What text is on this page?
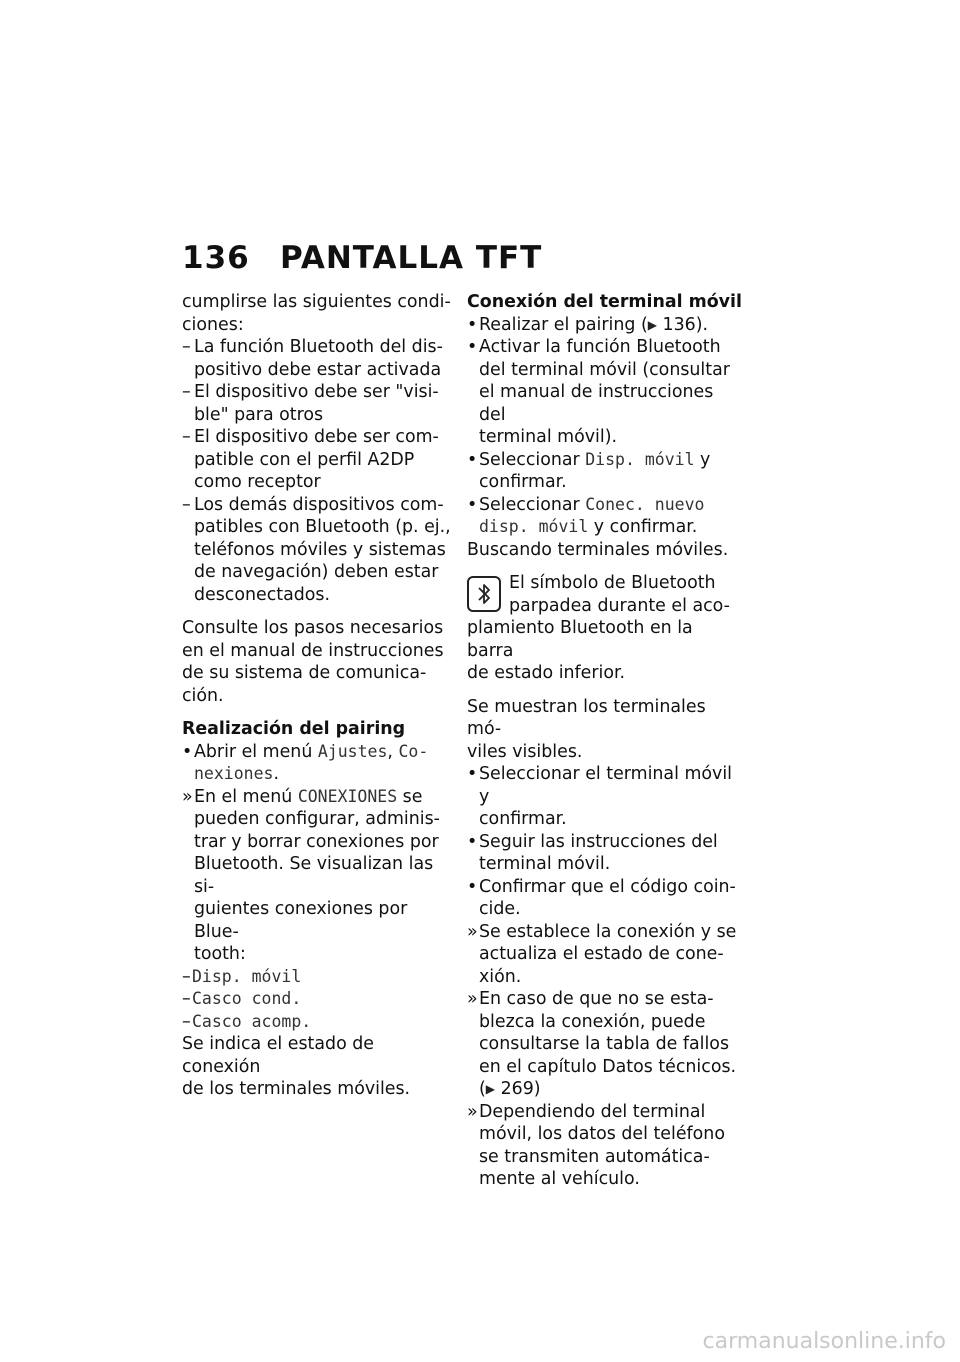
136 PANTALLA TFT

cumplirse las siguientes condi-

ciones:

– La función Bluetooth del dis-
positivo debe estar activada
– El dispositivo debe ser "visi-
ble" para otros
– El dispositivo debe ser com-
patible con el perfil A2DP
como receptor
– Los demás dispositivos com-
patibles con Bluetooth (p. ej.,
teléfonos móviles y sistemas
de navegación) deben estar
desconectados.

Consulte los pasos necesarios

en el manual de instrucciones

de su sistema de comunica-

ción.

Realización del pairing

• Abrir el menú Ajustes, Co-
nexiones.
» En el menú CONEXIONES se
pueden configurar, adminis-
trar y borrar conexiones por
Bluetooth. Se visualizan las si-
guientes conexiones por Blue-
tooth:
– Disp. móvil
– Casco cond.
– Casco acomp.

Se indica el estado de conexión

de los terminales móviles.

Conexión del terminal móvil

• Realizar el pairing (▶ 136).
• Activar la función Bluetooth
del terminal móvil (consultar
el manual de instrucciones del
terminal móvil).
• Seleccionar Disp. móvil y
confirmar.
• Seleccionar Conec. nuevo
disp. móvil y confirmar.

Buscando terminales móviles.

El símbolo de Bluetooth
parpadea durante el aco-
plamiento Bluetooth en la barra
de estado inferior.

Se muestran los terminales mó-

viles visibles.

• Seleccionar el terminal móvil y
confirmar.
• Seguir las instrucciones del
terminal móvil.
• Confirmar que el código coin-
cide.
» Se establece la conexión y se
actualiza el estado de cone-
xión.
» En caso de que no se esta-
blezca la conexión, puede
consultarse la tabla de fallos
en el capítulo Datos técnicos.
(▶ 269)
» Dependiendo del terminal
móvil, los datos del teléfono
se transmiten automática-
mente al vehículo.
carmanualsonline.info
